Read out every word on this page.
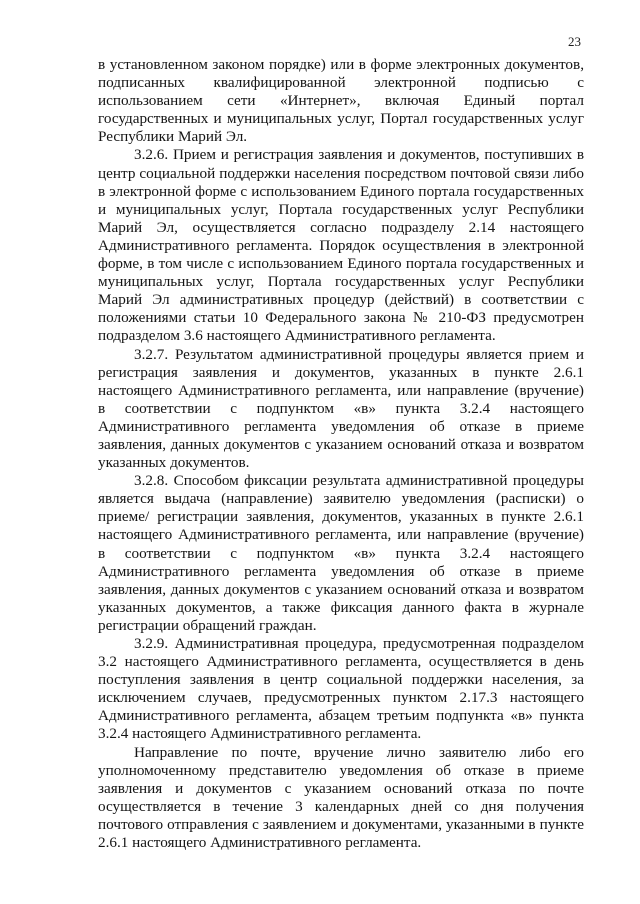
23

в установленном законом порядке) или в форме электронных документов, подписанных квалифицированной электронной подписью с использованием сети «Интернет», включая Единый портал государственных и муниципальных услуг, Портал государственных услуг Республики Марий Эл.

3.2.6. Прием и регистрация заявления и документов, поступивших в центр социальной поддержки населения посредством почтовой связи либо в электронной форме с использованием Единого портала государственных и муниципальных услуг, Портала государственных услуг Республики Марий Эл, осуществляется согласно подразделу 2.14 настоящего Административного регламента. Порядок осуществления в электронной форме, в том числе с использованием Единого портала государственных и муниципальных услуг, Портала государственных услуг Республики Марий Эл административных процедур (действий) в соответствии с положениями статьи 10 Федерального закона № 210-ФЗ предусмотрен подразделом 3.6 настоящего Административного регламента.

3.2.7. Результатом административной процедуры является прием и регистрация заявления и документов, указанных в пункте 2.6.1 настоящего Административного регламента, или направление (вручение) в соответствии с подпунктом «в» пункта 3.2.4 настоящего Административного регламента уведомления об отказе в приеме заявления, данных документов с указанием оснований отказа и возвратом указанных документов.

3.2.8. Способом фиксации результата административной процедуры является выдача (направление) заявителю уведомления (расписки) о приеме/ регистрации заявления, документов, указанных в пункте 2.6.1 настоящего Административного регламента, или направление (вручение) в соответствии с подпунктом «в» пункта 3.2.4 настоящего Административного регламента уведомления об отказе в приеме заявления, данных документов с указанием оснований отказа и возвратом указанных документов, а также фиксация данного факта в журнале регистрации обращений граждан.

3.2.9. Административная процедура, предусмотренная подразделом 3.2 настоящего Административного регламента, осуществляется в день поступления заявления в центр социальной поддержки населения, за исключением случаев, предусмотренных пунктом 2.17.3 настоящего Административного регламента, абзацем третьим подпункта «в» пункта 3.2.4 настоящего Административного регламента.

Направление по почте, вручение лично заявителю либо его уполномоченному представителю уведомления об отказе в приеме заявления и документов с указанием оснований отказа по почте осуществляется в течение 3 календарных дней со дня получения почтового отправления с заявлением и документами, указанными в пункте 2.6.1 настоящего Административного регламента.
